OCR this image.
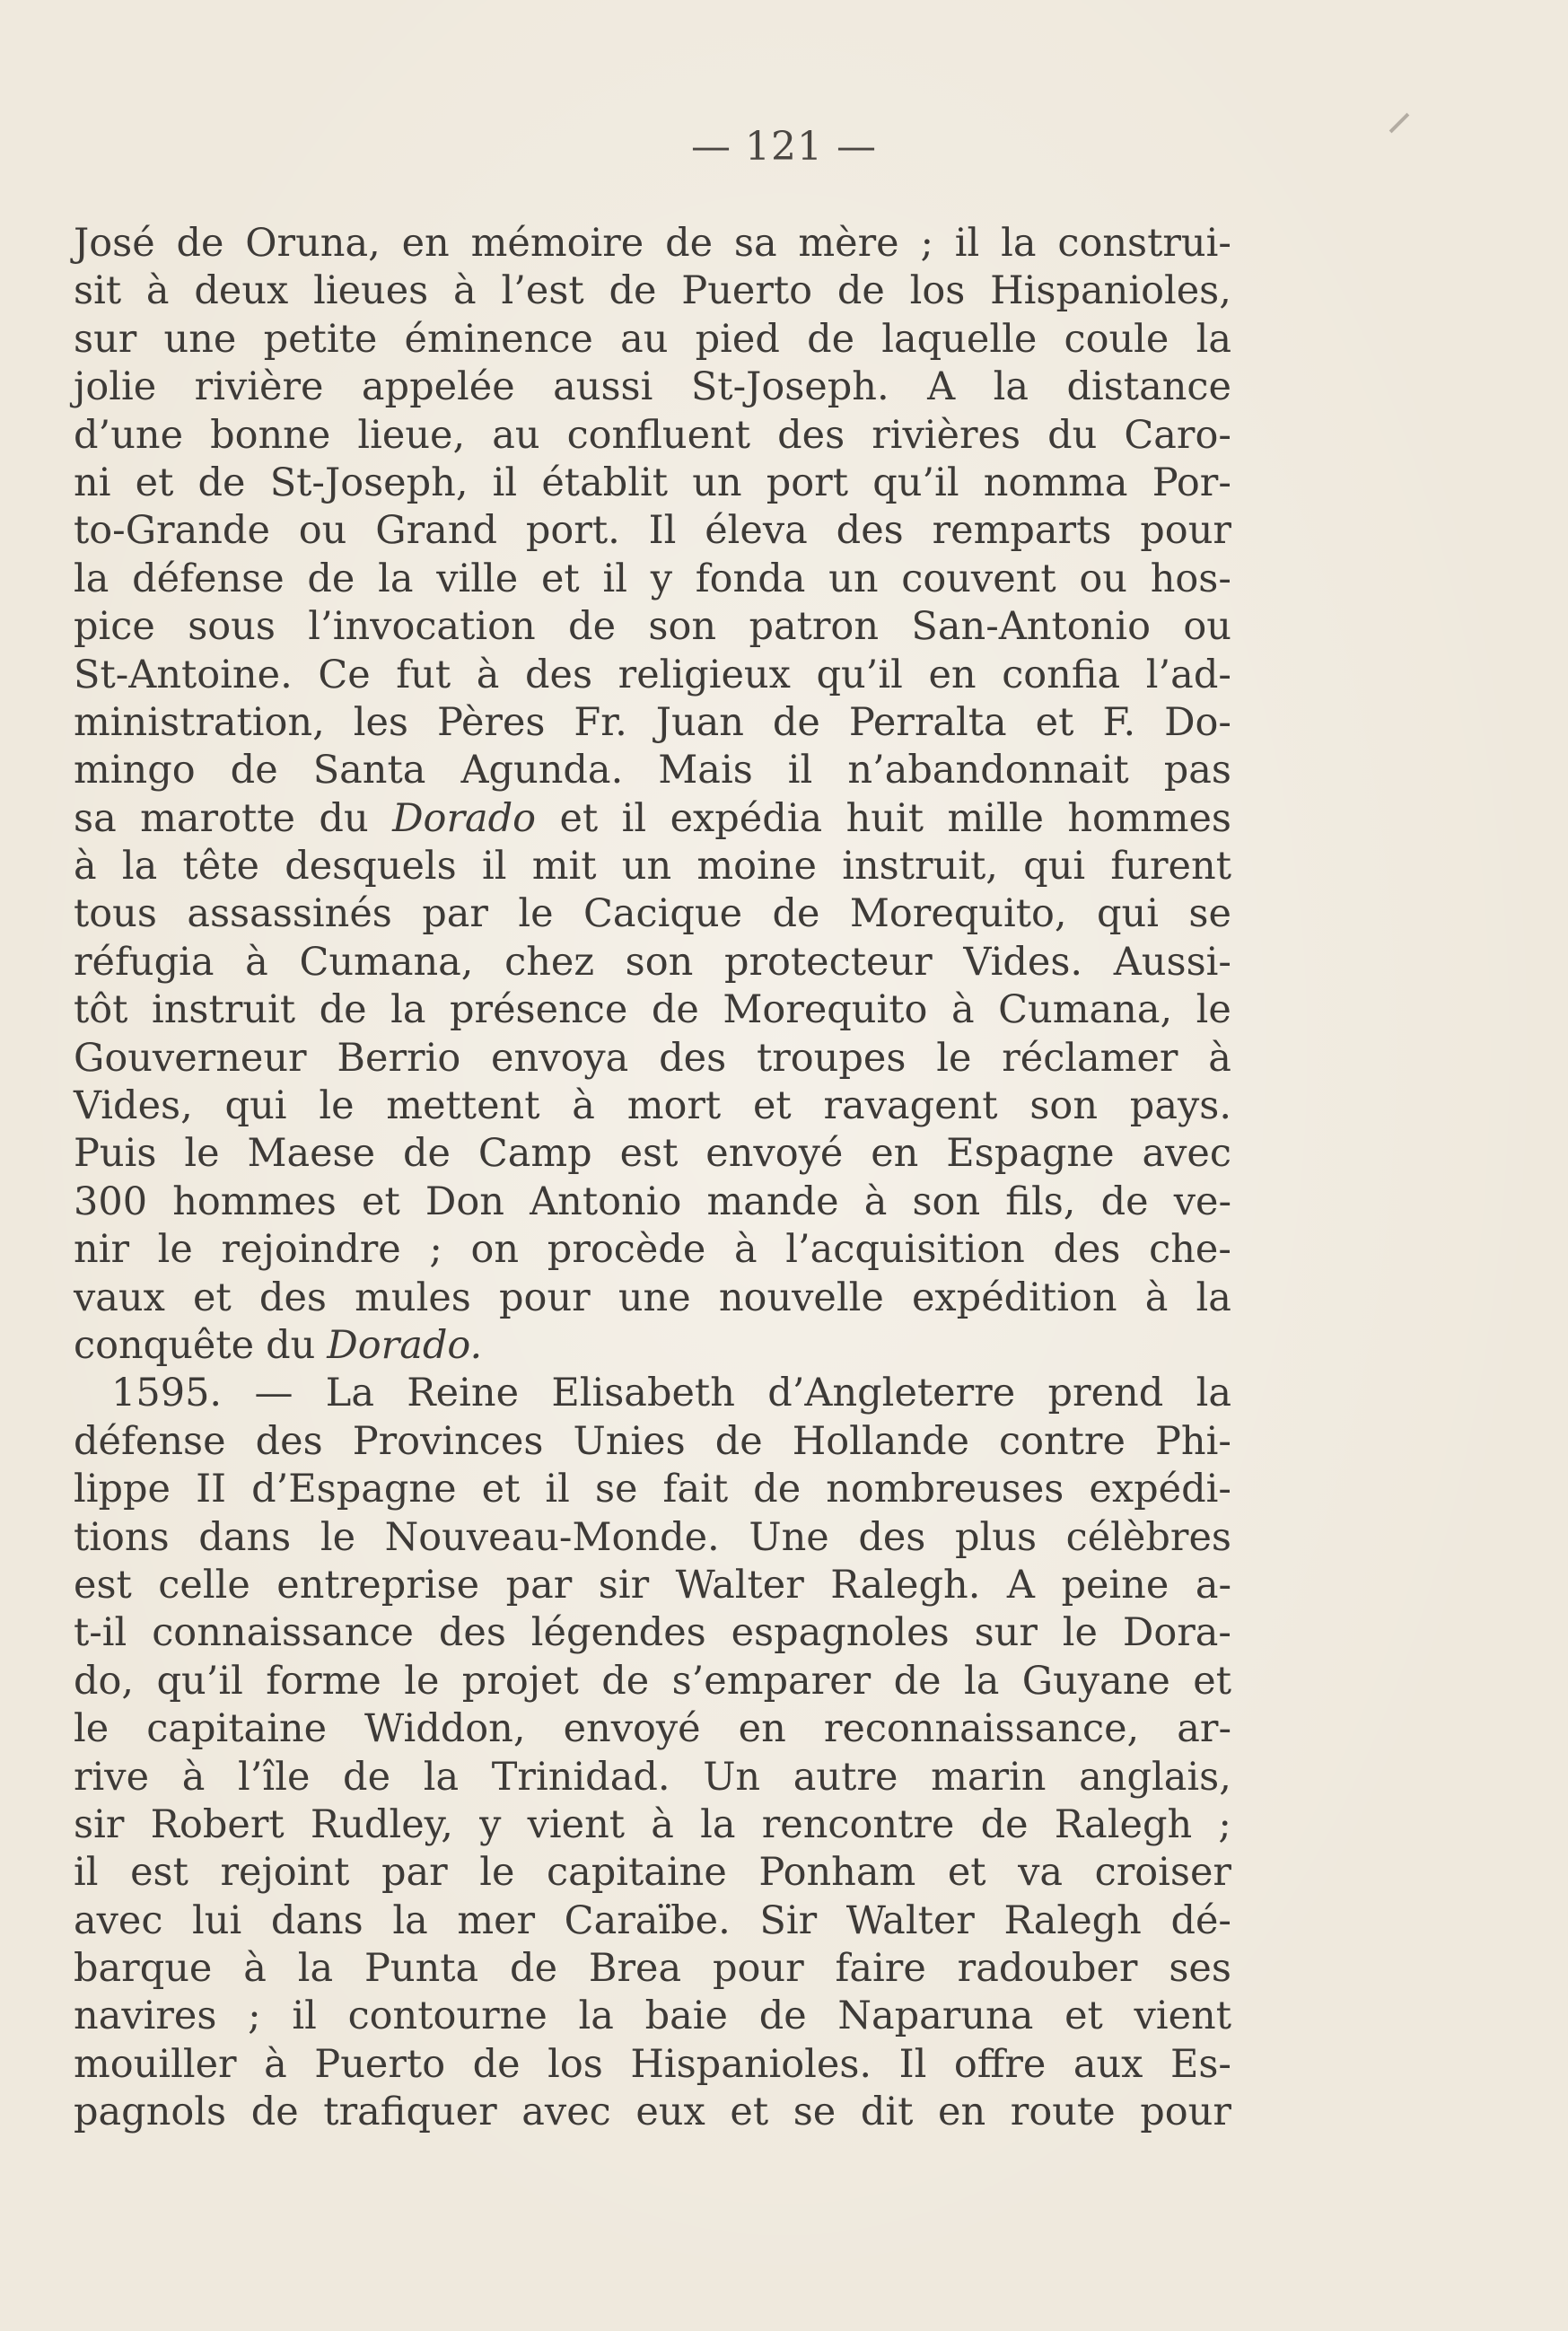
— 121 —
José de Oruna, en mémoire de sa mère ; il la construi-
sit à deux lieues à l’est de Puerto de los Hispanioles,
sur une petite éminence au pied de laquelle coule la
jolie rivière appelée aussi St-Joseph. A la distance
d’une bonne lieue, au confluent des rivières du Caro-
ni et de St-Joseph, il établit un port qu’il nomma Por-
to-Grande ou Grand port. Il éleva des remparts pour
la défense de la ville et il y fonda un couvent ou hos-
pice sous l’invocation de son patron San-Antonio ou
St-Antoine. Ce fut à des religieux qu’il en confia l’ad-
ministration, les Pères Fr. Juan de Perralta et F. Do-
mingo de Santa Agunda. Mais il n’abandonnait pas
sa marotte du Dorado et il expédia huit mille hommes
à la tête desquels il mit un moine instruit, qui furent
tous assassinés par le Cacique de Morequito, qui se
réfugia à Cumana, chez son protecteur Vides. Aussi-
tôt instruit de la présence de Morequito à Cumana, le
Gouverneur Berrio envoya des troupes le réclamer à
Vides, qui le mettent à mort et ravagent son pays.
Puis le Maese de Camp est envoyé en Espagne avec
300 hommes et Don Antonio mande à son fils, de ve-
nir le rejoindre ; on procède à l’acquisition des che-
vaux et des mules pour une nouvelle expédition à la
conquête du Dorado.
1595. — La Reine Elisabeth d’Angleterre prend la
défense des Provinces Unies de Hollande contre Phi-
lippe II d’Espagne et il se fait de nombreuses expédi-
tions dans le Nouveau-Monde. Une des plus célèbres
est celle entreprise par sir Walter Ralegh. A peine a-
t-il connaissance des légendes espagnoles sur le Dora-
do, qu’il forme le projet de s’emparer de la Guyane et
le capitaine Widdon, envoyé en reconnaissance, ar-
rive à l’île de la Trinidad. Un autre marin anglais,
sir Robert Rudley, y vient à la rencontre de Ralegh ;
il est rejoint par le capitaine Ponham et va croiser
avec lui dans la mer Caraïbe. Sir Walter Ralegh dé-
barque à la Punta de Brea pour faire radouber ses
navires ; il contourne la baie de Naparuna et vient
mouiller à Puerto de los Hispanioles. Il offre aux Es-
pagnols de trafiquer avec eux et se dit en route pour
